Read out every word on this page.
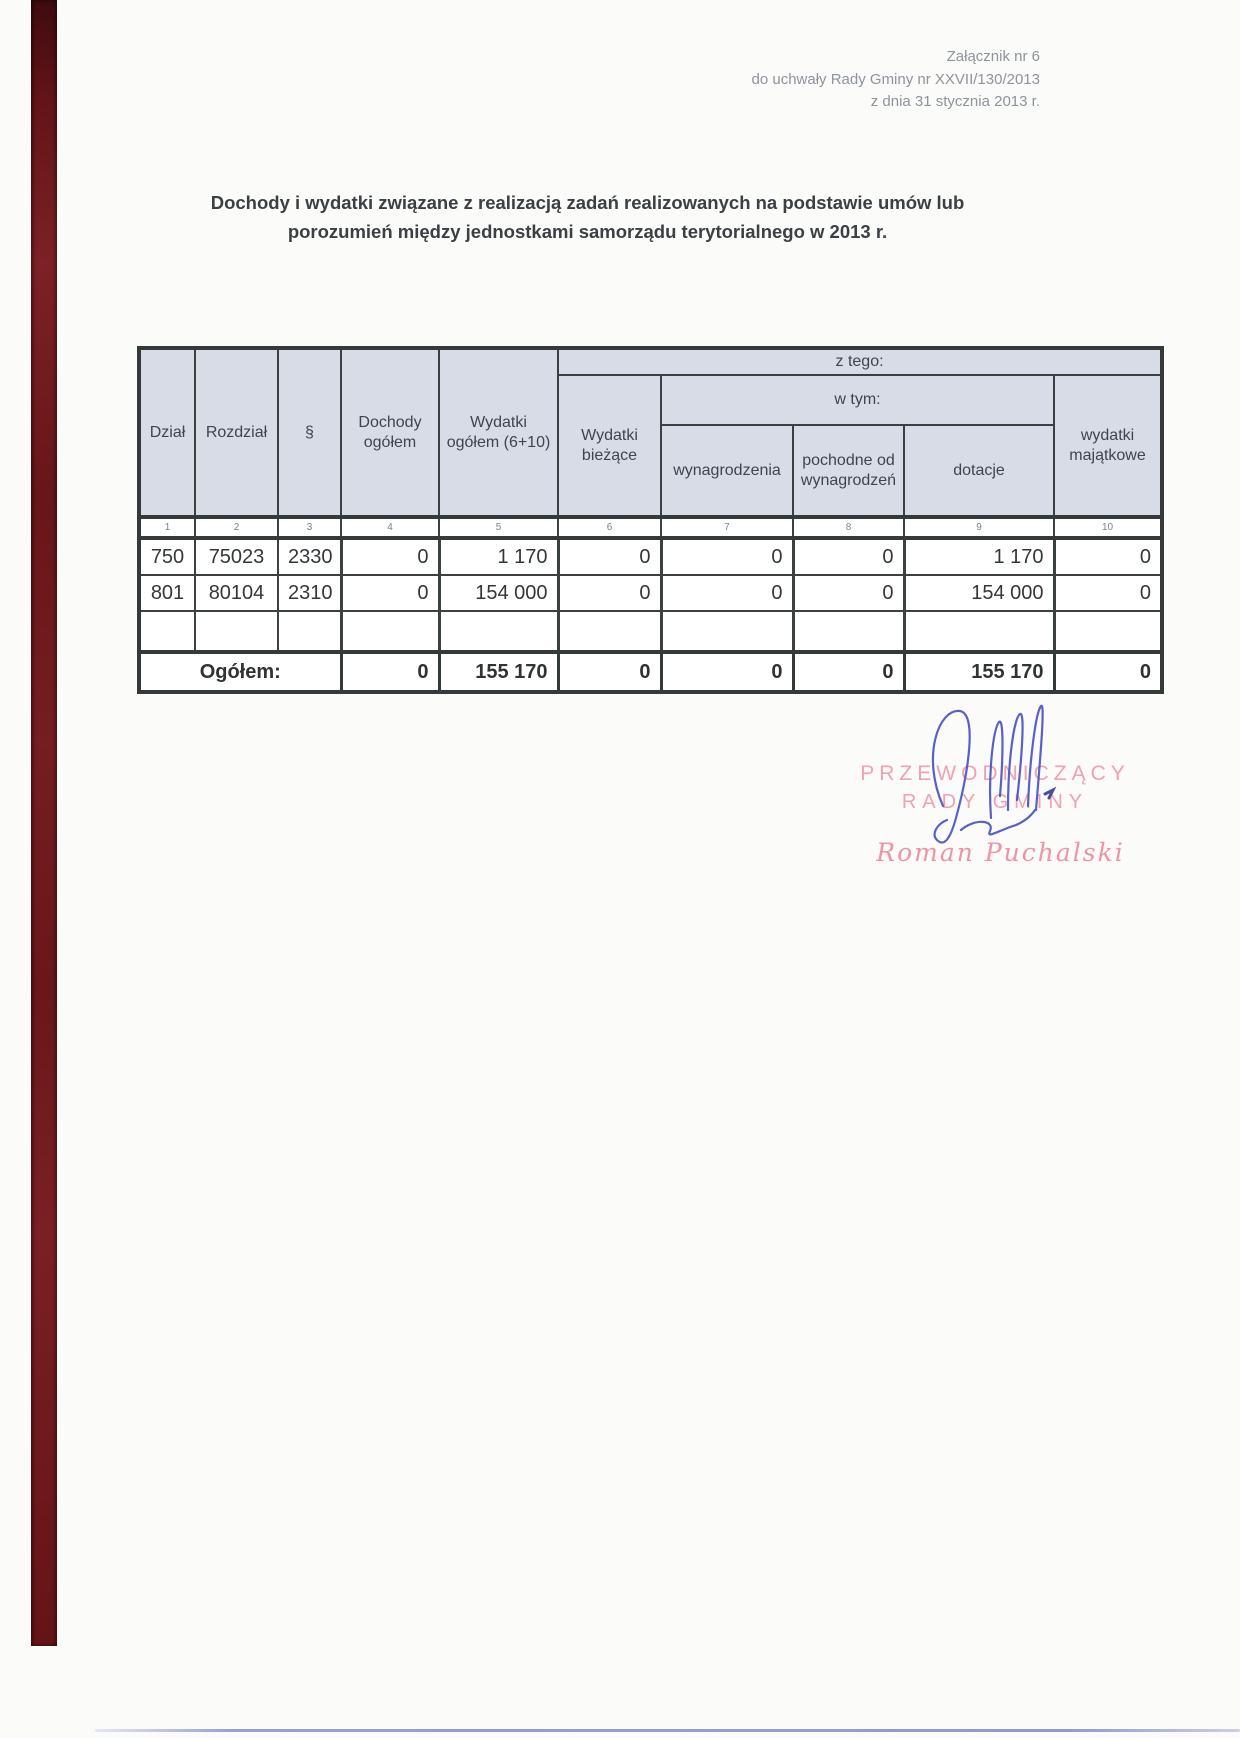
Załącznik nr 6
do uchwały Rady Gminy nr XXVII/130/2013
z dnia 31 stycznia 2013 r.
Dochody i wydatki związane z realizacją zadań realizowanych na podstawie umów lub
porozumień między jednostkami samorządu terytorialnego w 2013 r.
Dział	Rozdział	§	Dochody ogółem	Wydatki ogółem (6+10)	z tego:				
					Wydatki bieżące	w tym:			wydatki majątkowe
						wynagrodzenia	pochodne od wynagrodzeń	dotacje	
1	2	3	4	5	6	7	8	9	10
750	75023	2330	0	1 170	0	0	0	1 170	0
801	80104	2310	0	154 000	0	0	0	154 000	0

Ogółem:			0	155 170	0	0	0	155 170	0
PRZEWODNICZĄCY
RADY GMINY
Roman Puchalski
